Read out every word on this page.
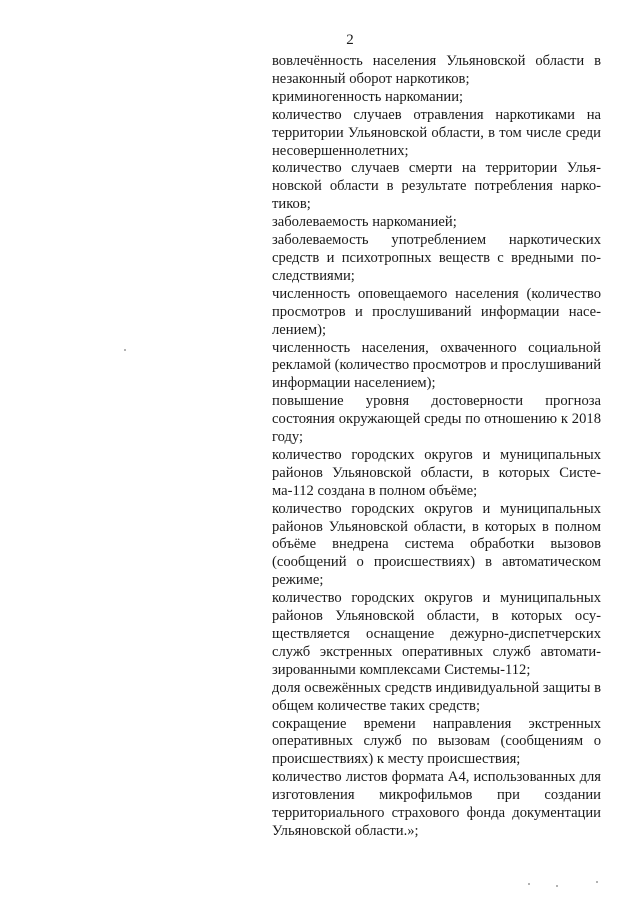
2

вовлечённость населения Ульяновской области в незаконный оборот наркотиков;

криминогенность наркомании;

количество случаев отравления наркотиками на территории Ульяновской области, в том числе среди несовершеннолетних;

количество случаев смерти на территории Ульяновской области в результате потребления наркотиков;

заболеваемость наркоманией;

заболеваемость употреблением наркотических средств и психотропных веществ с вредными последствиями;

численность оповещаемого населения (количество просмотров и прослушиваний информации населением);

численность населения, охваченного социальной рекламой (количество просмотров и прослушиваний информации населением);

повышение уровня достоверности прогноза состояния окружающей среды по отношению к 2018 году;

количество городских округов и муниципальных районов Ульяновской области, в которых Система-112 создана в полном объёме;

количество городских округов и муниципальных районов Ульяновской области, в которых в полном объёме внедрена система обработки вызовов (сообщений о происшествиях) в автоматическом режиме;

количество городских округов и муниципальных районов Ульяновской области, в которых осуществляется оснащение дежурно-диспетчерских служб экстренных оперативных служб автоматизированными комплексами Системы-112;

доля освежённых средств индивидуальной защиты в общем количестве таких средств;

сокращение времени направления экстренных оперативных служб по вызовам (сообщениям о происшествиях) к месту происшествия;

количество листов формата А4, использованных для изготовления микрофильмов при создании территориального страхового фонда документации Ульяновской области.»;
